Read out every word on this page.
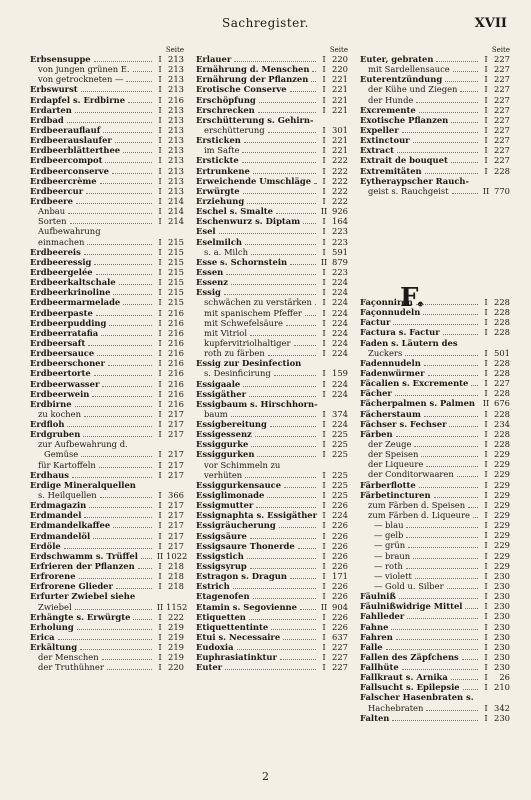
Sachregister.	XVII
Seite
Erbsensuppe	I 213
von jungen grünen E.	I 213
von getrockneten —	I 213
Erbswurst	I 213
Erdapfel s. Erdbirne	I 216
Erdarten	I 213
Erdbad	I 213
Erdbeerauflauf	I 213
Erdbeerauslaufer	I 213
Erdbeerblätterthee	I 213
Erdbeercompot	I 213
Erdbeerconserve	I 213
Erdbeercrème	I 213
Erdbeercur	I 213
Erdbeere	I 214
Anbau	I 214
Sorten	I 214
Aufbewahrung
einmachen	I 215
Erdbeereis	I 215
Erdbeeressig	I 215
Erdbeergelée	I 215
Erdbeerkaltschale	I 215
Erdbeerkrinoline	I 215
Erdbeermarmelade	I 215
Erdbeerpaste	I 216
Erdbeerpudding	I 216
Erdbeerratafia	I 216
Erdbeersaft	I 216
Erdbeersauce	I 216
Erdbeerschoner	I 216
Erdbeertorte	I 216
Erdbeerwasser	I 216
Erdbeerwein	I 216
Erdbirne	I 216
zu kochen	I 217
Erdfloh	I 217
Erdgruben	I 217
zur Aufbewahrung d.
Gemüse	I 217
für Kartoffeln	I 217
Erdhaus	I 217
Erdige Mineralquellen
s. Heilquellen	I 366
Erdmagazin	I 217
Erdmandel	I 217
Erdmandelkaffee	I 217
Erdmandelöl	I 217
Erdöle	I 217
Erdschwamm s. Trüffel	II 1022
Erfrieren der Pflanzen	I 218
Erfrorene	I 218
Erfrorene Glieder	I 218
Erfurter Zwiebel siehe
Zwiebel	II 1152
Erhängte s. Erwürgte	I 222
Erholung	I 219
Erica	I 219
Erkältung	I 219
der Menschen	I 219
der Truthühner	I 220
Seite
Erlauer	I 220
Ernährung d. Menschen	I 220
Ernährung der Pflanzen	I 221
Erotische Conserve	I 221
Erschöpfung	I 221
Erschrecken	I 221
Erschütterung s. Gehirn-
erschütterung	I 301
Ersticken	I 221
im Safte	I 221
Erstickte	I 222
Ertrunkene	I 222
Erweichende Umschläge	I 222
Erwürgte	I 222
Erziehung	I 222
Eschel s. Smalte	II 926
Eschenwurz s. Diptam	I 164
Esel	I 223
Eselmilch	I 223
s. a. Milch	I 591
Esse s. Schornstein	II 879
Essen	I 223
Essenz	I 224
Essig	I 224
schwächen zu verstärken	I 224
mit spanischem Pfeffer	I 224
mit Schwefelsäure	I 224
mit Vitriol	I 224
kupfervitriolhaltiger	I 224
roth zu färben	I 224
Essig zur Desinfection
s. Desinficirung	I 159
Essigaale	I 224
Essigäther	I 224
Essigbaum s. Hirschhorn-
baum	I 374
Essigbereitung	I 224
Essigessenz	I 225
Essiggurke	I 225
Essiggurken	I 225
vor Schimmeln zu
verhüten	I 225
Essiggurkensauce	I 225
Essiglimonade	I 225
Essigmutter	I 226
Essignaphta s. Essigäther I 224
Essigräucherung	I 226
Essigsäure	I 226
Essigsaure Thonerde	I 226
Essigstich	I 226
Essigsyrup	I 226
Estragon s. Dragun	I 171
Estrich	I 226
Etagenofen	I 226
Etamin s. Segovienne	II 904
Etiquetten	I 226
Etiquettentinte	I 226
Etui s. Necessaire	I 637
Eudoxia	I 227
Euphrasiatinktur	I 227
Euter	I 227
Seite
Euter, gebraten	I 227
mit Sardellensauce	I 227
Euterentzündung	I 227
der Kühe und Ziegen	I 227
der Hunde	I 227
Excremente	I 227
Exotische Pflanzen	I 227
Expeller	I 227
Extinctour	I 227
Extract	I 227
Extrait de bouquet	I 227
Extremitäten	I 228
Eytheraypscher Rauch-
geist s. Rauchgeist	II 770
F.
Façonniren	I 228
Façonnudeln	I 228
Factur	I 228
Factura s. Factur	I 228
Faden s. Läutern des
Zuckers	I 501
Fadennudeln	I 228
Fadenwürmer	I 228
Fäcalien s. Excremente	I 227
Fächer	I 228
Fächerpalmen s. Palmen II 676
Fächerstaum	I 228
Fächser s. Fechser	I 234
Färben	I 228
der Zeuge	I 228
der Speisen	I 229
der Liqueure	I 229
der Conditorwaaren	I 229
Färberflotte	I 229
Färbetincturen	I 229
zum Färben d. Speisen	I 229
zum Färben d. Liqueure	I 229
— blau	I 229
— gelb	I 229
— grün	I 229
— braun	I 229
— roth	I 229
— violett	I 230
— Gold u. Silber	I 230
Fäulniß	I 230
Fäulnißwidrige Mittel	I 230
Fahlleder	I 230
Fahne	I 230
Fahren	I 230
Falle	I 230
Fallen des Zäpfchens	I 230
Fallhüte	I 230
Fallkraut s. Arnika	I	26
Fallsucht s. Epilepsie	I 210
Falscher Hasenbraten s.
Hachebraten	I 342
Falten	I 230
2
